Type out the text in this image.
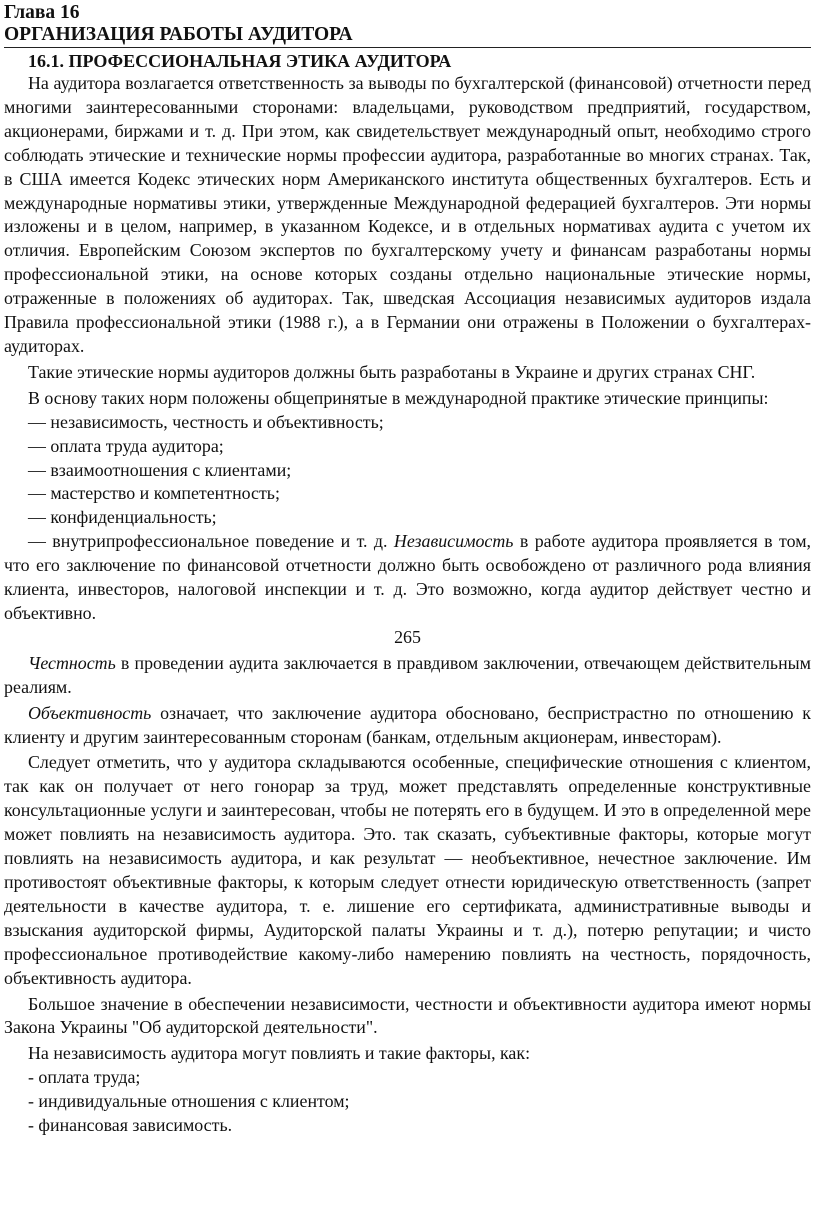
Глава 16
ОРГАНИЗАЦИЯ РАБОТЫ АУДИТОРА
16.1. ПРОФЕССИОНАЛЬНАЯ ЭТИКА АУДИТОРА

На аудитора возлагается ответственность за выводы по бухгалтерской (финансовой) отчетности перед многими заинтересованными сторонами: владельцами, руководством предприятий, государством, акционерами, биржами и т. д. При этом, как свидетельствует международный опыт, необходимо строго соблюдать этические и технические нормы профессии аудитора, разработанные во многих странах. Так, в США имеется Кодекс этических норм Американского института общественных бухгалтеров. Есть и международные нормативы этики, утвержденные Международной федерацией бухгалтеров. Эти нормы изложены и в целом, например, в указанном Кодексе, и в отдельных нормативах аудита с учетом их отличия. Европейским Союзом экспертов по бухгалтерскому учету и финансам разработаны нормы профессиональной этики, на основе которых созданы отдельно национальные этические нормы, отраженные в положениях об аудиторах. Так, шведская Ассоциация независимых аудиторов издала Правила профессиональной этики (1988 г.), а в Германии они отражены в Положении о бухгалтерах-аудиторах.

Такие этические нормы аудиторов должны быть разработаны в Украине и других странах СНГ.

В основу таких норм положены общепринятые в международной практике этические принципы:

— независимость, честность и объективность;
— оплата труда аудитора;
— взаимоотношения с клиентами;
— мастерство и компетентность;
— конфиденциальность;

— внутрипрофессиональное поведение и т. д. Независимость в работе аудитора проявляется в том, что его заключение по финансовой отчетности должно быть освобождено от различного рода влияния клиента, инвесторов, налоговой инспекции и т. д. Это возможно, когда аудитор действует честно и объективно.

265

Честность в проведении аудита заключается в правдивом заключении, отвечающем действительным реалиям.

Объективность означает, что заключение аудитора обосновано, беспристрастно по отношению к клиенту и другим заинтересованным сторонам (банкам, отдельным акционерам, инвесторам).

Следует отметить, что у аудитора складываются особенные, специфические отношения с клиентом, так как он получает от него гонорар за труд, может представлять определенные конструктивные консультационные услуги и заинтересован, чтобы не потерять его в будущем. И это в определенной мере может повлиять на независимость аудитора. Это. так сказать, субъективные факторы, которые могут повлиять на независимость аудитора, и как результат — необъективное, нечестное заключение. Им противостоят объективные факторы, к которым следует отнести юридическую ответственность (запрет деятельности в качестве аудитора, т. е. лишение его сертификата, административные выводы и взыскания аудиторской фирмы, Аудиторской палаты Украины и т. д.), потерю репутации; и чисто профессиональное противодействие какому-либо намерению повлиять на честность, порядочность, объективность аудитора.

Большое значение в обеспечении независимости, честности и объективности аудитора имеют нормы Закона Украины "Об аудиторской деятельности".

На независимость аудитора могут повлиять и такие факторы, как:

- оплата труда;
- индивидуальные отношения с клиентом;
- финансовая зависимость.
